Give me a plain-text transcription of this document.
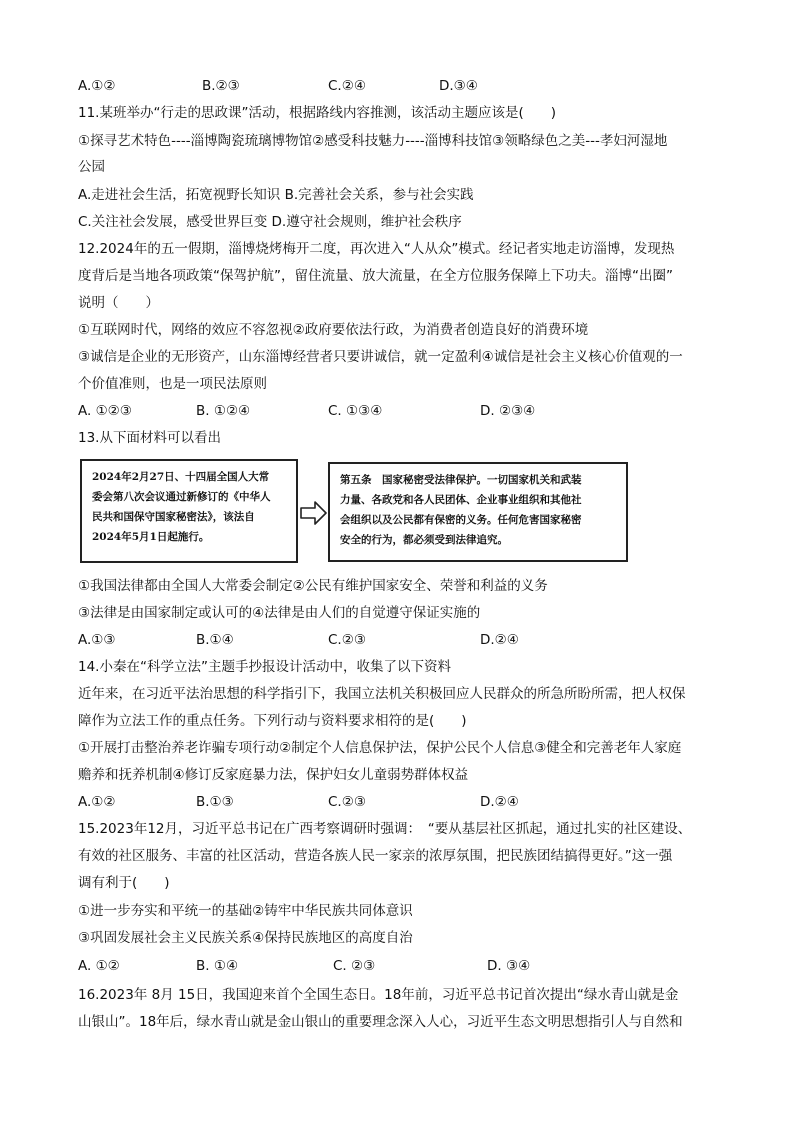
A.①②	B.②③	C.②④	D.③④
11.某班举办“行走的思政课”活动，根据路线内容推测，该活动主题应该是(　　)
①探寻艺术特色----淄博陶瓷琉璃博物馆②感受科技魅力----淄博科技馆③领略绿色之美---孝妇河湿地
公园
A.走进社会生活，拓宽视野长知识 B.完善社会关系，参与社会实践
C.关注社会发展，感受世界巨变 D.遵守社会规则，维护社会秩序
12.2024年的五一假期，淄博烧烤梅开二度，再次进入“人从众”模式。经记者实地走访淄博，发现热
度背后是当地各项政策“保驾护航”，留住流量、放大流量，在全方位服务保障上下功夫。淄博“出圈”
说明（　　）
①互联网时代，网络的效应不容忽视②政府要依法行政，为消费者创造良好的消费环境
③诚信是企业的无形资产，山东淄博经营者只要讲诚信，就一定盈利④诚信是社会主义核心价值观的一
个价值准则，也是一项民法原则
A. ①②③	B. ①②④	C. ①③④	D. ②③④
13.从下面材料可以看出

2024年2月27日、十四届全国人大常

委会第八次会议通过新修订的《中华人

民共和国保守国家秘密法》，该法自

2024年5月1日起施行。

第五条　国家秘密受法律保护。一切国家机关和武装

力量、各政党和各人民团体、企业事业组织和其他社

会组织以及公民都有保密的义务。任何危害国家秘密

安全的行为，都必须受到法律追究。

①我国法律都由全国人大常委会制定②公民有维护国家安全、荣誉和利益的义务
③法律是由国家制定或认可的④法律是由人们的自觉遵守保证实施的
A.①③	B.①④	C.②③	D.②④
14.小秦在“科学立法”主题手抄报设计活动中，收集了以下资料
近年来，在习近平法治思想的科学指引下，我国立法机关积极回应人民群众的所急所盼所需，把人权保
障作为立法工作的重点任务。下列行动与资料要求相符的是(　　)
①开展打击整治养老诈骗专项行动②制定个人信息保护法，保护公民个人信息③健全和完善老年人家庭
赡养和抚养机制④修订反家庭暴力法，保护妇女儿童弱势群体权益
A.①②	B.①③	C.②③	D.②④
15.2023年12月，习近平总书记在广西考察调研时强调：　“要从基层社区抓起，通过扎实的社区建设、
有效的社区服务、丰富的社区活动，营造各族人民一家亲的浓厚氛围，把民族团结搞得更好。”这一强
调有利于(　　)
①进一步夯实和平统一的基础②铸牢中华民族共同体意识
③巩固发展社会主义民族关系④保持民族地区的高度自治
A. ①②	B. ①④	C. ②③	D. ③④
16.2023年 8月 15日，我国迎来首个全国生态日。18年前，习近平总书记首次提出“绿水青山就是金
山银山”。18年后，绿水青山就是金山银山的重要理念深入人心，习近平生态文明思想指引人与自然和
